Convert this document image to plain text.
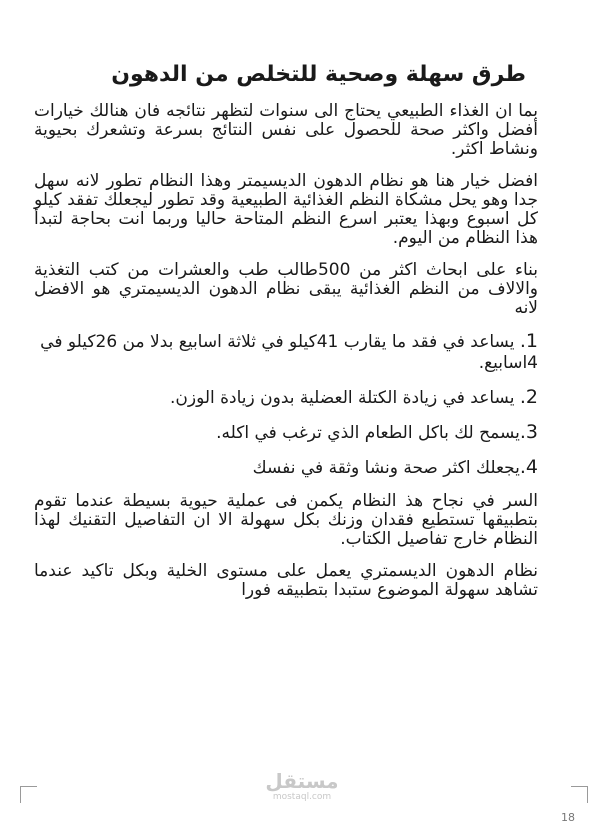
طرق سهلة وصحية للتخلص من الدهون

بما ان الغذاء الطبيعي يحتاج الى سنوات لتظهر نتائجه فان هنالك خيارات أفضل واكثر صحة للحصول على نفس النتائج بسرعة وتشعرك بحيوية ونشاط اكثر.

افضل خيار هنا هو نظام الدهون الديسيمتر وهذا النظام تطور لانه سهل جدا وهو يحل مشكاة النظم الغذائية الطبيعية وقد تطور ليجعلك تفقد كيلو كل اسبوع وبهذا يعتبر اسرع النظم المتاحة حاليا وربما انت بحاجة لتبدأ هذا النظام من اليوم.

بناء على ابحاث اكثر من 500طالب طب والعشرات من كتب التغذية والالاف من النظم الغذائية يبقى نظام الدهون الديسيمتري هو الافضل لانه

1. يساعد في فقد ما يقارب 41كيلو في ثلاثة اسابيع بدلا من 26كيلو في 4اسابيع.

2. يساعد في زيادة الكتلة العضلية بدون زيادة الوزن.

3.يسمح لك باكل الطعام الذي ترغب في اكله.

4.يجعلك اكثر صحة ونشا وثقة في نفسك

السر في نجاح هذ النظام يكمن فى عملية حيوية بسيطة عندما تقوم بتطبيقها تستطيع فقدان وزنك بكل سهولة الا ان التفاصيل التقنيك لهذا النظام خارج تفاصيل الكتاب.

نظام الدهون الديسمتري يعمل على مستوى الخلية وبكل تاكيد عندما تشاهد سهولة الموضوع ستبدا بتطبيقه فورا

مستقل
mostaql.com
18
